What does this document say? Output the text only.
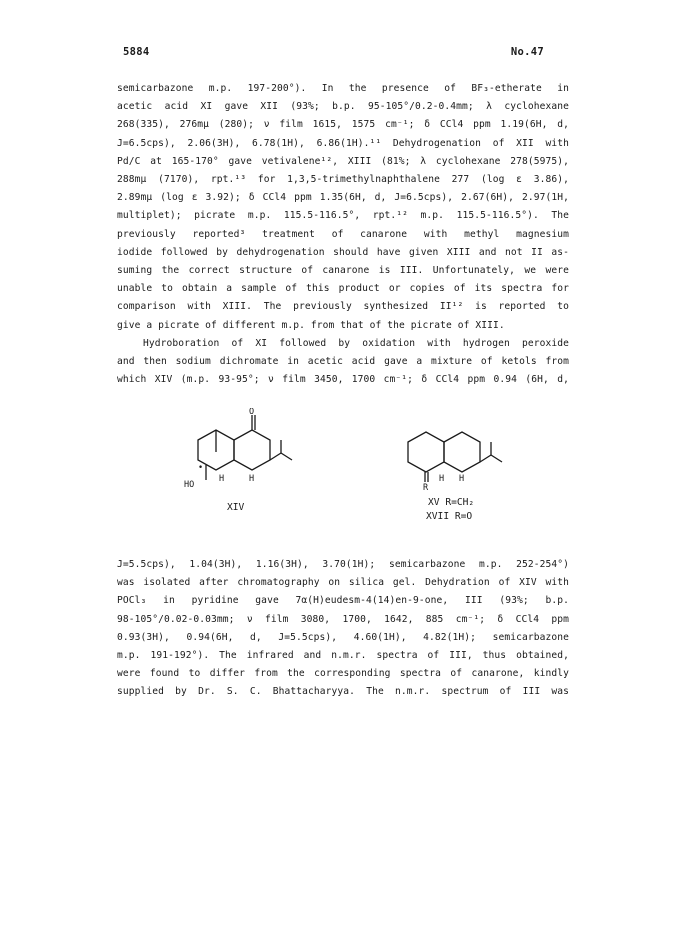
5884	No.47
semicarbazone m.p. 197-200°). In the presence of BF₃-etherate in
acetic acid XI gave XII (93%; b.p. 95-105°/0.2-0.4mm; λ cyclohexane
268(335), 276mμ (280); ν film 1615, 1575 cm⁻¹; δ CCl4 ppm 1.19(6H, d,
J=6.5cps), 2.06(3H), 6.78(1H), 6.86(1H).¹¹ Dehydrogenation of XII with
Pd/C at 165-170° gave vetivalene¹², XIII (81%; λ cyclohexane 278(5975),
288mμ (7170), rpt.¹³ for 1,3,5-trimethylnaphthalene 277 (log ε 3.86),
2.89mμ (log ε 3.92); δ CCl4 ppm 1.35(6H, d, J=6.5cps), 2.67(6H), 2.97(1H,
multiplet); picrate m.p. 115.5-116.5°, rpt.¹² m.p. 115.5-116.5°). The
previously reported³ treatment of canarone with methyl magnesium
iodide followed by dehydrogenation should have given XIII and not II as-
suming the correct structure of canarone is III. Unfortunately, we were
unable to obtain a sample of this product or copies of its spectra for
comparison with XIII. The previously synthesized II¹² is reported to
give a picrate of different m.p. from that of the picrate of XIII.
Hydroboration of XI followed by oxidation with hydrogen peroxide
and then sodium dichromate in acetic acid gave a mixture of ketols from
which XIV (m.p. 93-95°; ν film 3450, 1700 cm⁻¹; δ CCl4 ppm 0.94 (6H, d,
O
HO
H	H
•
XIV
H H
R
XV R=CH₂
XVII R=O
J=5.5cps), 1.04(3H), 1.16(3H), 3.70(1H); semicarbazone m.p. 252-254°)
was isolated after chromatography on silica gel. Dehydration of XIV with
POCl₃ in pyridine gave 7α(H)eudesm-4(14)en-9-one, III (93%; b.p.
98-105°/0.02-0.03mm; ν film 3080, 1700, 1642, 885 cm⁻¹; δ CCl4 ppm
0.93(3H), 0.94(6H, d, J=5.5cps), 4.60(1H), 4.82(1H); semicarbazone
m.p. 191-192°). The infrared and n.m.r. spectra of III, thus obtained,
were found to differ from the corresponding spectra of canarone, kindly
supplied by Dr. S. C. Bhattacharyya. The n.m.r. spectrum of III was
